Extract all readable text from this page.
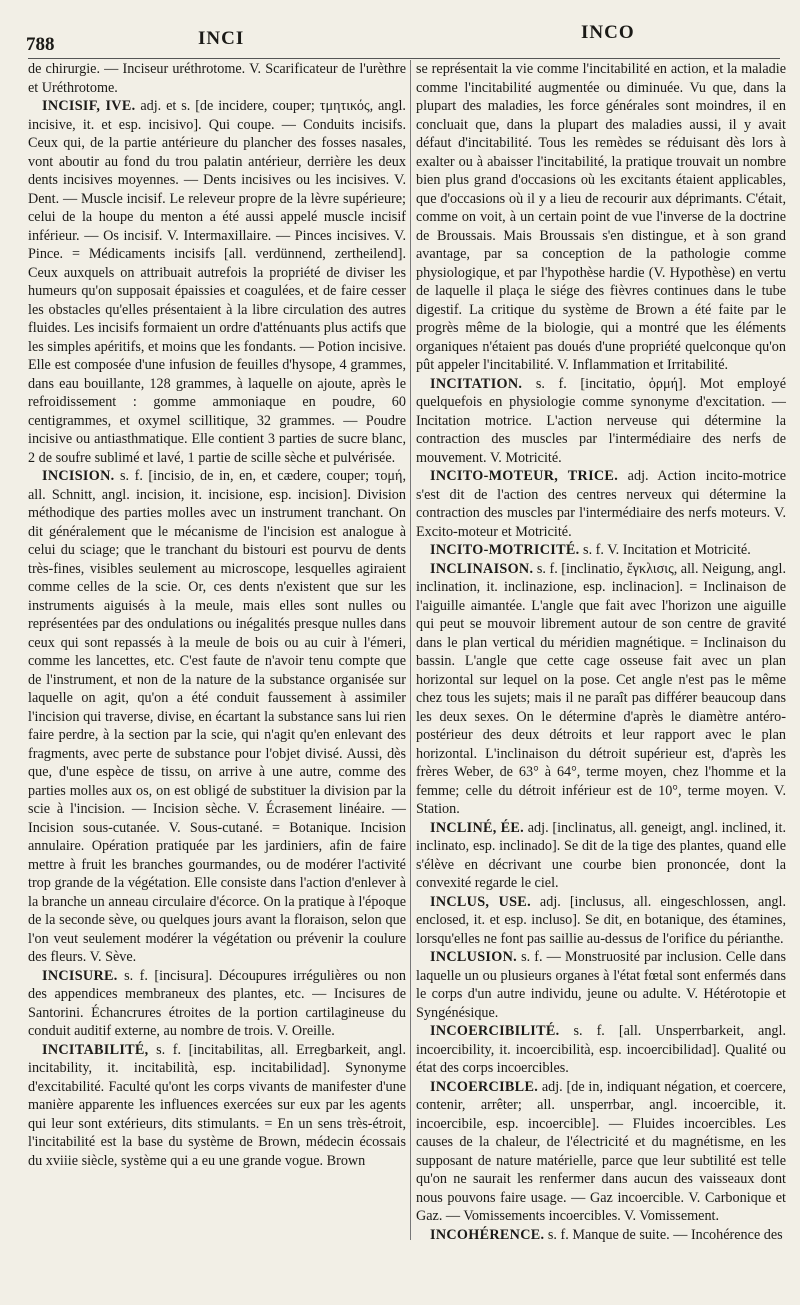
788	INCI	INCO

de chirurgie. — Inciseur uréthrotome. V. Scarificateur de l'urèthre et Uréthrotome.

INCISIF, IVE. adj. et s. [de incidere, couper; τμητικός, angl. incisive, it. et esp. incisivo]. Qui coupe. — Conduits incisifs. Ceux qui, de la partie antérieure du plancher des fosses nasales, vont aboutir au fond du trou palatin antérieur, derrière les deux dents incisives moyennes. — Dents incisives ou les incisives. V. Dent. — Muscle incisif. Le releveur propre de la lèvre supérieure; celui de la houpe du menton a été aussi appelé muscle incisif inférieur. — Os incisif. V. Intermaxillaire. — Pinces incisives. V. Pince. = Médicaments incisifs [all. verdünnend, zertheilend]. Ceux auxquels on attribuait autrefois la propriété de diviser les humeurs qu'on supposait épaissies et coagulées, et de faire cesser les obstacles qu'elles présentaient à la libre circulation des autres fluides. Les incisifs formaient un ordre d'atténuants plus actifs que les simples apéritifs, et moins que les fondants. — Potion incisive. Elle est composée d'une infusion de feuilles d'hysope, 4 grammes, dans eau bouillante, 128 grammes, à laquelle on ajoute, après le refroidissement : gomme ammoniaque en poudre, 60 centigrammes, et oxymel scillitique, 32 grammes. — Poudre incisive ou antiasthmatique. Elle contient 3 parties de sucre blanc, 2 de soufre sublimé et lavé, 1 partie de scille sèche et pulvérisée.

INCISION. s. f. [incisio, de in, en, et cædere, couper; τομή, all. Schnitt, angl. incision, it. incisione, esp. incision]. Division méthodique des parties molles avec un instrument tranchant. On dit généralement que le mécanisme de l'incision est analogue à celui du sciage; que le tranchant du bistouri est pourvu de dents très-fines, visibles seulement au microscope, lesquelles agiraient comme celles de la scie. Or, ces dents n'existent que sur les instruments aiguisés à la meule, mais elles sont nulles ou représentées par des ondulations ou inégalités presque nulles dans ceux qui sont repassés à la meule de bois ou au cuir à l'émeri, comme les lancettes, etc. C'est faute de n'avoir tenu compte que de l'instrument, et non de la nature de la substance organisée sur laquelle on agit, qu'on a été conduit faussement à assimiler l'incision qui traverse, divise, en écartant la substance sans lui rien faire perdre, à la section par la scie, qui n'agit qu'en enlevant des fragments, avec perte de substance pour l'objet divisé. Aussi, dès que, d'une espèce de tissu, on arrive à une autre, comme des parties molles aux os, on est obligé de substituer la division par la scie à l'incision. — Incision sèche. V. Écrasement linéaire. — Incision sous-cutanée. V. Sous-cutané. = Botanique. Incision annulaire. Opération pratiquée par les jardiniers, afin de faire mettre à fruit les branches gourmandes, ou de modérer l'activité trop grande de la végétation. Elle consiste dans l'action d'enlever à la branche un anneau circulaire d'écorce. On la pratique à l'époque de la seconde sève, ou quelques jours avant la floraison, selon que l'on veut seulement modérer la végétation ou prévenir la coulure des fleurs. V. Sève.

INCISURE. s. f. [incisura]. Découpures irrégulières ou non des appendices membraneux des plantes, etc. — Incisures de Santorini. Échancrures étroites de la portion cartilagineuse du conduit auditif externe, au nombre de trois. V. Oreille.

INCITABILITÉ, s. f. [incitabilitas, all. Erregbarkeit, angl. incitability, it. incitabilità, esp. incitabilidad]. Synonyme d'excitabilité. Faculté qu'ont les corps vivants de manifester d'une manière apparente les influences exercées sur eux par les agents qui leur sont extérieurs, dits stimulants. = En un sens très-étroit, l'incitabilité est la base du système de Brown, médecin écossais du xviiie siècle, système qui a eu une grande vogue. Brown

se représentait la vie comme l'incitabilité en action, et la maladie comme l'incitabilité augmentée ou diminuée. Vu que, dans la plupart des maladies, les force générales sont moindres, il en concluait que, dans la plupart des maladies aussi, il y avait défaut d'incitabilité. Tous les remèdes se réduisant dès lors à exalter ou à abaisser l'incitabilité, la pratique trouvait un nombre bien plus grand d'occasions où les excitants étaient applicables, que d'occasions où il y a lieu de recourir aux déprimants. C'était, comme on voit, à un certain point de vue l'inverse de la doctrine de Broussais. Mais Broussais s'en distingue, et à son grand avantage, par sa conception de la pathologie comme physiologique, et par l'hypothèse hardie (V. Hypothèse) en vertu de laquelle il plaça le siége des fièvres continues dans le tube digestif. La critique du système de Brown a été faite par le progrès même de la biologie, qui a montré que les éléments organiques n'étaient pas doués d'une propriété quelconque qu'on pût appeler l'incitabilité. V. Inflammation et Irritabilité.

INCITATION. s. f. [incitatio, ὁρμή]. Mot employé quelquefois en physiologie comme synonyme d'excitation. — Incitation motrice. L'action nerveuse qui détermine la contraction des muscles par l'intermédiaire des nerfs de mouvement. V. Motricité.

INCITO-MOTEUR, TRICE. adj. Action incito-motrice s'est dit de l'action des centres nerveux qui détermine la contraction des muscles par l'intermédiaire des nerfs moteurs. V. Excito-moteur et Motricité.

INCITO-MOTRICITÉ. s. f. V. Incitation et Motricité.

INCLINAISON. s. f. [inclinatio, ἔγκλισις, all. Neigung, angl. inclination, it. inclinazione, esp. inclinacion]. = Inclinaison de l'aiguille aimantée. L'angle que fait avec l'horizon une aiguille qui peut se mouvoir librement autour de son centre de gravité dans le plan vertical du méridien magnétique. = Inclinaison du bassin. L'angle que cette cage osseuse fait avec un plan horizontal sur lequel on la pose. Cet angle n'est pas le même chez tous les sujets; mais il ne paraît pas différer beaucoup dans les deux sexes. On le détermine d'après le diamètre antéro-postérieur des deux détroits et leur rapport avec le plan horizontal. L'inclinaison du détroit supérieur est, d'après les frères Weber, de 63° à 64°, terme moyen, chez l'homme et la femme; celle du détroit inférieur est de 10°, terme moyen. V. Station.

INCLINÉ, ÉE. adj. [inclinatus, all. geneigt, angl. inclined, it. inclinato, esp. inclinado]. Se dit de la tige des plantes, quand elle s'élève en décrivant une courbe bien prononcée, dont la convexité regarde le ciel.

INCLUS, USE. adj. [inclusus, all. eingeschlossen, angl. enclosed, it. et esp. incluso]. Se dit, en botanique, des étamines, lorsqu'elles ne font pas saillie au-dessus de l'orifice du périanthe.

INCLUSION. s. f. — Monstruosité par inclusion. Celle dans laquelle un ou plusieurs organes à l'état fœtal sont enfermés dans le corps d'un autre individu, jeune ou adulte. V. Hétérotopie et Syngénésique.

INCOERCIBILITÉ. s. f. [all. Unsperrbarkeit, angl. incoercibility, it. incoercibilità, esp. incoercibilidad]. Qualité ou état des corps incoercibles.

INCOERCIBLE. adj. [de in, indiquant négation, et coercere, contenir, arrêter; all. unsperrbar, angl. incoercible, it. incoercibile, esp. incoercible]. — Fluides incoercibles. Les causes de la chaleur, de l'électricité et du magnétisme, en les supposant de nature matérielle, parce que leur subtilité est telle qu'on ne saurait les renfermer dans aucun des vaisseaux dont nous pouvons faire usage. — Gaz incoercible. V. Carbonique et Gaz. — Vomissements incoercibles. V. Vomissement.

INCOHÉRENCE. s. f. Manque de suite. — Incohérence des
